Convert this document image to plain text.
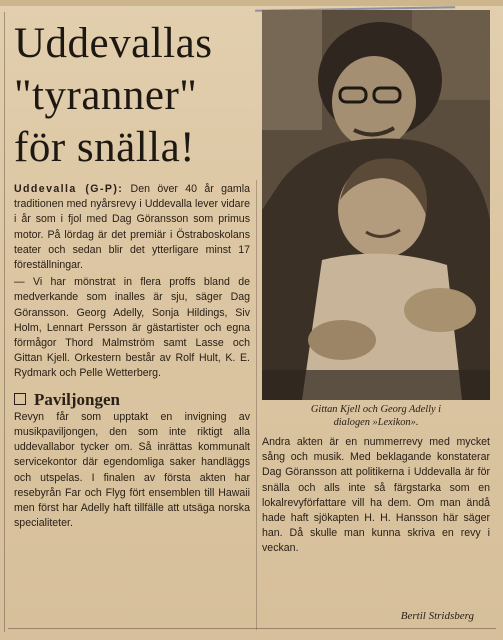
Uddevallas
"tyranner"
för snälla!

Uddevalla (G-P): Den över 40 år gamla traditionen med nyårsrevy i Uddevalla lever vidare i år som i fjol med Dag Göransson som primus motor. På lördag är det premiär i Östraboskolans teater och sedan blir det ytterligare minst 17 föreställningar.

— Vi har mönstrat in flera proffs bland de medverkande som inalles är sju, säger Dag Göransson. Georg Adelly, Sonja Hildings, Siv Holm, Lennart Persson är gästartister och egna förmågor Thord Malmström samt Lasse och Gittan Kjell. Orkestern består av Rolf Hult, K. E. Rydmark och Pelle Wetterberg.

Paviljongen

Revyn får som upptakt en invigning av musikpaviljongen, den som inte riktigt alla uddevallabor tycker om. Så inrättas kommunalt servicekontor där egendomliga saker handläggs och utspelas. I finalen av första akten har resebyrån Far och Flyg fört ensemblen till Hawaii men först har Adelly haft tillfälle att utsäga norska specialiteter.

Gittan Kjell och Georg Adelly i
dialogen »Lexikon».

Andra akten är en nummerrevy med mycket sång och musik. Med beklagande konstaterar Dag Göransson att politikerna i Uddevalla är för snälla och alls inte så färgstarka som en lokalrevyförfattare vill ha dem. Om man ändå hade haft sjökapten H. H. Hansson här säger han. Då skulle man kunna skriva en revy i veckan.

Bertil Stridsberg
